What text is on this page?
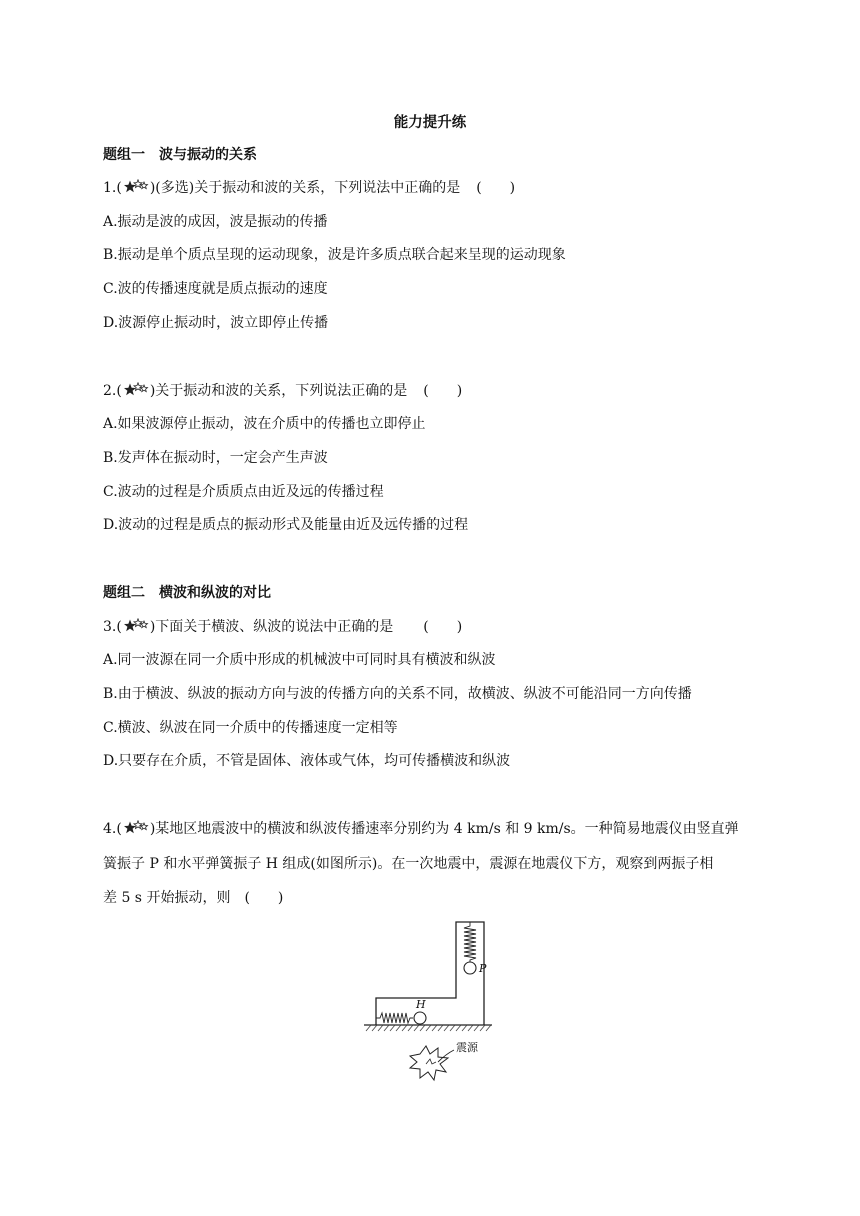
能力提升练
题组一　波与振动的关系
1.( )(多选)关于振动和波的关系，下列说法中正确的是 (　　)
A.振动是波的成因，波是振动的传播
B.振动是单个质点呈现的运动现象，波是许多质点联合起来呈现的运动现象
C.波的传播速度就是质点振动的速度
D.波源停止振动时，波立即停止传播
2.( )关于振动和波的关系，下列说法正确的是 (　　)
A.如果波源停止振动，波在介质中的传播也立即停止
B.发声体在振动时，一定会产生声波
C.波动的过程是介质质点由近及远的传播过程
D.波动的过程是质点的振动形式及能量由近及远传播的过程
题组二　横波和纵波的对比
3.( )下面关于横波、纵波的说法中正确的是 (　　)
A.同一波源在同一介质中形成的机械波中可同时具有横波和纵波
B.由于横波、纵波的振动方向与波的传播方向的关系不同，故横波、纵波不可能沿同一方向传播
C.横波、纵波在同一介质中的传播速度一定相等
D.只要存在介质，不管是固体、液体或气体，均可传播横波和纵波
4.( )某地区地震波中的横波和纵波传播速率分别约为 4 km/s 和 9 km/s。一种简易地震仪由竖直弹
簧振子 P 和水平弹簧振子 H 组成(如图所示)。在一次地震中，震源在地震仪下方，观察到两振子相
差 5 s 开始振动，则 (　　)
P
H
震源
